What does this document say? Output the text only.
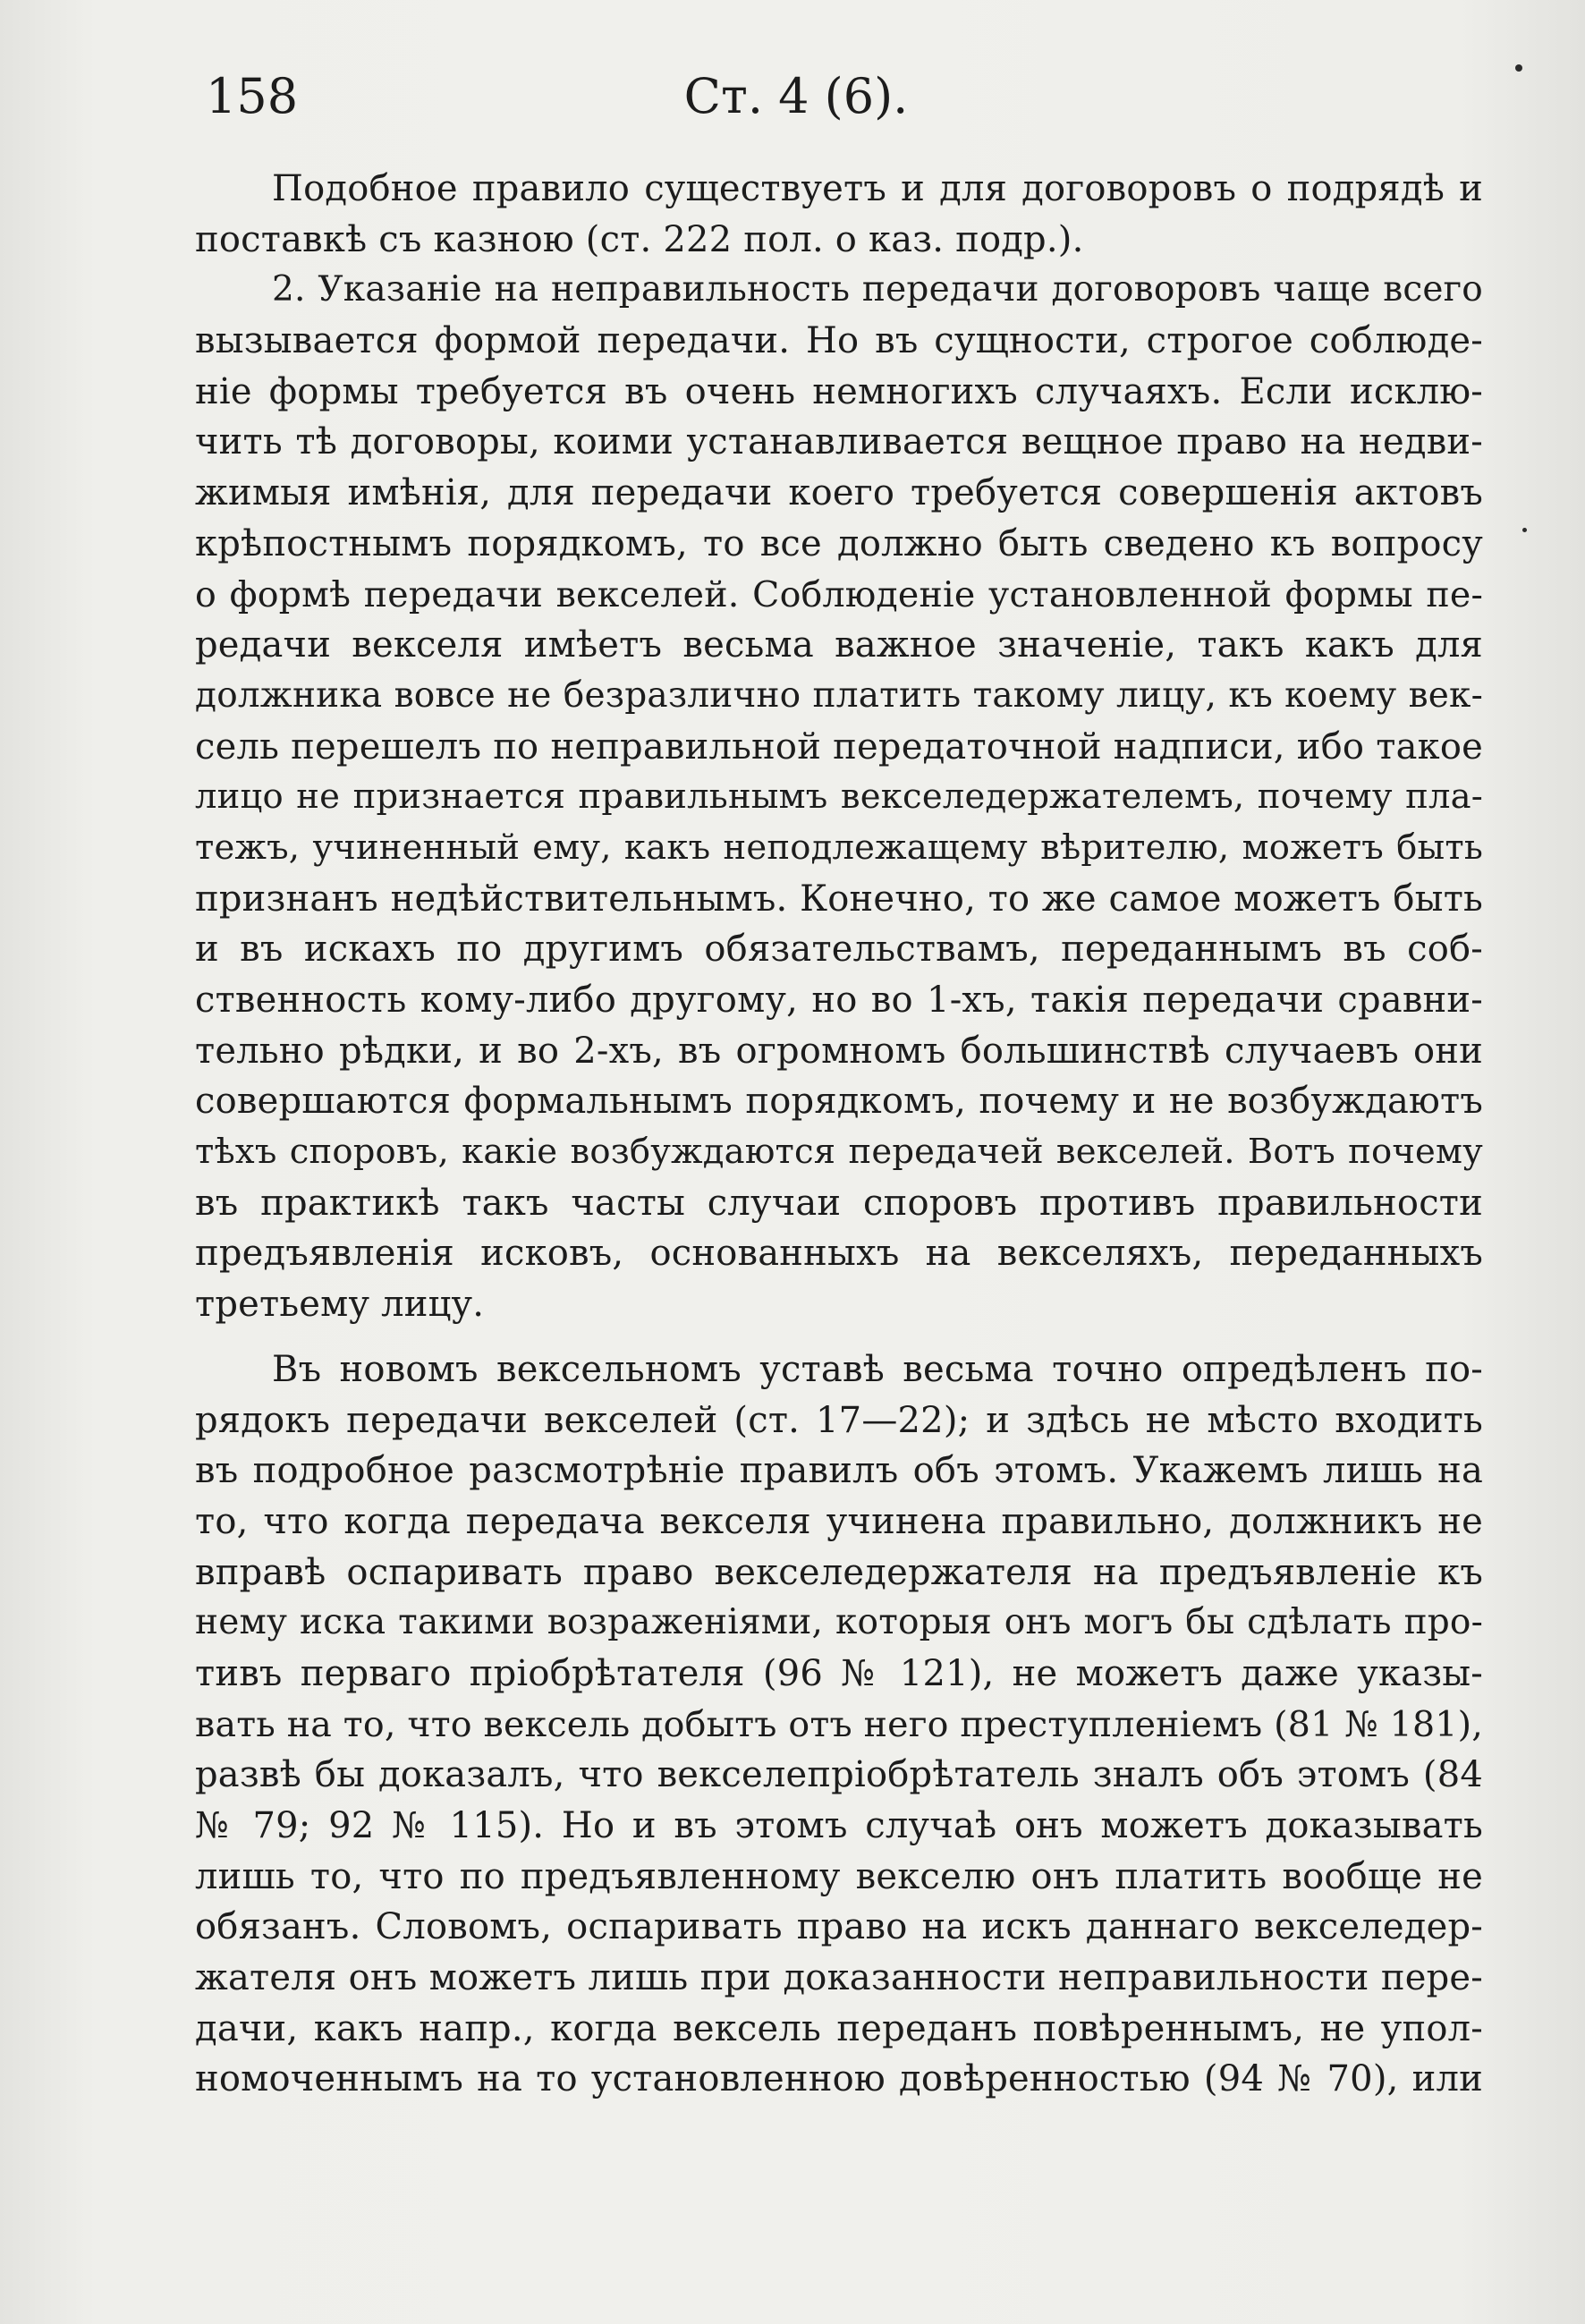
158	Ст. 4 (6).
Подобное правило существуетъ и для договоровъ о подрядѣ и
поставкѣ съ казною (ст. 222 пол. о каз. подр.).
2. Указаніе на неправильность передачи договоровъ чаще всего
вызывается формой передачи. Но въ сущности, строгое соблюде-
ніе формы требуется въ очень немногихъ случаяхъ. Если исклю-
чить тѣ договоры, коими устанавливается вещное право на недви-
жимыя имѣнія, для передачи коего требуется совершенія актовъ
крѣпостнымъ порядкомъ, то все должно быть сведено къ вопросу
о формѣ передачи векселей. Соблюденіе установленной формы пе-
редачи векселя имѣетъ весьма важное значеніе, такъ какъ для
должника вовсе не безразлично платить такому лицу, къ коему век-
сель перешелъ по неправильной передаточной надписи, ибо такое
лицо не признается правильнымъ векселедержателемъ, почему пла-
тежъ, учиненный ему, какъ неподлежащему вѣрителю, можетъ быть
признанъ недѣйствительнымъ. Конечно, то же самое можетъ быть
и въ искахъ по другимъ обязательствамъ, переданнымъ въ соб-
ственность кому-либо другому, но во 1-хъ, такія передачи сравни-
тельно рѣдки, и во 2-хъ, въ огромномъ большинствѣ случаевъ они
совершаются формальнымъ порядкомъ, почему и не возбуждаютъ
тѣхъ споровъ, какіе возбуждаются передачей векселей. Вотъ почему
въ практикѣ такъ часты случаи споровъ противъ правильности
предъявленія исковъ, основанныхъ на векселяхъ, переданныхъ
третьему лицу.
Въ новомъ вексельномъ уставѣ весьма точно опредѣленъ по-
рядокъ передачи векселей (ст. 17—22); и здѣсь не мѣсто входить
въ подробное разсмотрѣніе правилъ объ этомъ. Укажемъ лишь на
то, что когда передача векселя учинена правильно, должникъ не
вправѣ оспаривать право векселедержателя на предъявленіе къ
нему иска такими возраженіями, которыя онъ могъ бы сдѣлать про-
тивъ перваго пріобрѣтателя (96 № 121), не можетъ даже указы-
вать на то, что вексель добытъ отъ него преступленіемъ (81 № 181),
развѣ бы доказалъ, что векселепріобрѣтатель зналъ объ этомъ (84
№ 79; 92 № 115). Но и въ этомъ случаѣ онъ можетъ доказывать
лишь то, что по предъявленному векселю онъ платить вообще не
обязанъ. Словомъ, оспаривать право на искъ даннаго векселедер-
жателя онъ можетъ лишь при доказанности неправильности пере-
дачи, какъ напр., когда вексель переданъ повѣреннымъ, не упол-
номоченнымъ на то установленною довѣренностью (94 № 70), или
